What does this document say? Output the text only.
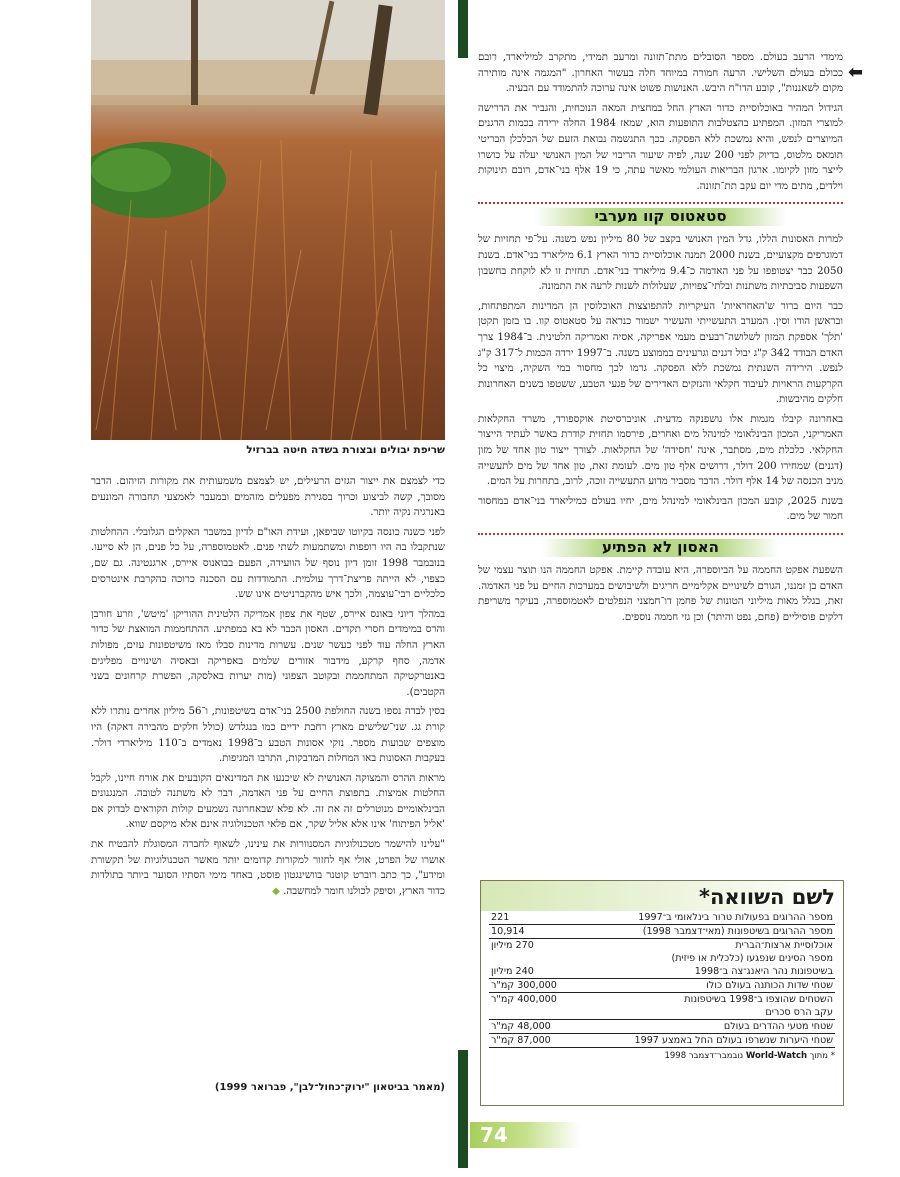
שריפת יבולים ובצורת בשדה חיטה בברזיל

כדי לצמצם את ייצור הגזים הרעילים, יש לצמצם משמעותית את מקורות הזיהום. הדבר מסובך, קשה לביצוע וכרוך בסגירת מפעלים מזהמים ובמעבר לאמצעי תחבורה המונעים באנרגיה נקיה יותר.

לפני כשנה כונסה בקיוטו שביפאן, ועידת האו"ם לדיון במשבר האקלים הגלובלי. ההחלטות שנתקבלו בה היו רופפות ומשתמעות לשתי פנים. לאטמוספרה, על כל פנים, הן לא סייעו. בנובמבר 1998 זומן דיון נוסף של הוועידה, הפעם בבואנוס איירס, ארגנטינה. גם שם, כצפוי, לא הייתה פריצת־דרך עולמית. התמודדות עם הסכנה כרוכה בהקרבת אינטרסים כלכליים רבי־עוצמה, ולכך איש מהקברניטים אינו שש.

במהלך דיוני באונס איירס, שטף את צפון אמריקה הלטינית ההוריקן 'מיטש', וזרע חורבן והרס במימדים חסרי תקדים. האסון הכבד לא בא במפתיע. ההתחממות המואצת של כדור הארץ החלה עוד לפני כעשר שנים. עשרות מדינות סבלו מאז משיטפונות עזים, מפולות אדמה, סחף קרקע, מידבור אזורים שלמים באפריקה ובאסיה ושינויים מפליגים באנטרקטיקה המתחממת ובקוטב הצפוני (מות יערות באלסקה, הפשרת קרחונים בשני הקטבים).

בסין לבדה נספו בשנה החולפת 2500 בני־אדם בשיטפונות, ו־56 מיליון אחרים נותרו ללא קורת גג. שני־שלישים מארץ רחבת ידיים כמו בנגלדש (כולל חלקים מהבירה דאקה) היו מוצפים שבועות מספר. נזקי אסונות הטבע ב־1998 נאמדים ב־110 מיליארדי דולר. בעקבות האסונות באו המחלות המדבקות, התרבו המגיפות.

מראות ההרס והמצוקה האנושית לא שיכנעו את המדינאים הקובעים את אורח חיינו, לקבל החלטות אמיצות. בתפוצת החיים על פני האדמה, דבר לא משתנה לטובה. המנגנונים הבינלאומיים מנוטרלים זה את זה. לא פלא שבאחרונה נשמעים קולות הקוראים לבדוק אם 'אליל הפיתוח' אינו אלא אליל שקר, אם פלאי הטכנולוגיה אינם אלא מיקסם שווא.

"עלינו להישמר מטכנולוגיות המסנוורות את עינינו, לשאוף לחברה המסוגלת להבטיח את אושרו של הפרט, אולי אף לחזור למקורות קדומים יותר מאשר הטכנולוגיות של תקשורת ומידע", כך כתב רוברט קוטנר בוושינגטון פוסט, באחד מימי הסתיו הסוער ביותר בתולדות כדור הארץ, וסיפק לכולנו חומר למחשבה. ◆

(מאמר בביטאון "ירוק־כחול־לבן", פברואר 1999)
⬅

מימדי הרעב בעולם. מספר הסובלים מתת־תזונה ומרעב תמידי, מתקרב למיליארד, רובם ככולם בעולם השלישי. הרעה חמורה במיוחד חלה בעשור האחרון. "המגמה אינה מותירה מקום לשאננות", קובע הדו"ח היבש. האנושות פשוט אינה ערוכה להתמודד עם הבעיה.

הגידול המהיר באוכלוסיית כדור הארץ החל במחצית המאה הנוכחית, והגביר את הדרישה למוצרי המזון. המפתיע בהצטלבות התופעות הוא, שמאז 1984 החלה ירידה בכמות הדגנים המיוצרים לנפש, והיא נמשכת ללא הפסקה. בכך התגשמה נבואת הזעם של הכלכלן הבריטי תומאס מלטוס, בדיוק לפני 200 שנה, לפיה שיעור הריבוי של המין האנושי יעלה על כושרו לייצר מזון לקיומו. ארגון הבריאות העולמי מאשר עתה, כי 19 אלף בני־אדם, רובם תינוקות וילדים, מתים מדי יום עקב תת־תזונה.

סטאטוס קוו מערבי

למרות האסונות הללו, גדל המין האנושי בקצב של 80 מיליון נפש בשנה. על־פי תחזיות של דמוגרפים מקצועיים, בשנת 2000 תמנה אוכלוסיית כדור הארץ 6.1 מיליארד בני־אדם. בשנת 2050 כבר יצטופפו על פני האדמה כ־9.4 מיליארד בני־אדם. תחזית זו לא לוקחת בחשבון השפעות סביבתיות משתנות ובלתי־צפויות, שעלולות לשנות לרעה את התמונה.

כבר היום ברור ש'האחראיות' העיקריות להתפוצצות האוכלוסין הן המדינות המתפתחות, ובראשן הודו וסין. המערב התעשייתי והעשיר ישמור כנראה על סטאטוס קוו. בו בזמן תקטן 'תלך' אספקת המזון לשלושה־רבעים מעמי אפריקה, אסיה ואמריקה הלטינית. ב־1984 צרך האדם הבודד 342 ק"ג יבול דגנים וגרעינים בממוצע בשנה. ב־1997 ירדה הכמות ל־317 ק"ג לנפש. הירידה השנתית נמשכת ללא הפסקה. גרמו לכך מחסור במי השקיה, מיצוי כל הקרקעות הראויות לעיבוד חקלאי והנזקים האדירים של פגעי הטבע, ששטפו בשנים האחרונות חלקים מהיבשות.

באחרונה קיבלו מגמות אלו גושפנקה מדעית. אוניברסיטת אוקספורד, משרד החקלאות האמריקני, המכון הבינלאומי למינהל מים ואחרים, פירסמו תחזית קודרת באשר לעתיד הייצור החקלאי. כלכלת מים, מסתבר, אינה 'חסידה' של החקלאות. לצורך ייצור טון אחד של מזון (דגנים) שמחירו 200 דולר, דרושים אלף טון מים. לעומת זאת, טון אחד של מים לתעשייה מניב הכנסה של 14 אלף דולר. הדבר מסביר מדוע התעשייה זוכה, לרוב, בתחרות על המים.

בשנת 2025, קובע המכון הבינלאומי למינהל מים, יחיו בעולם כמיליארד בני־אדם במחסור חמור של מים.

האסון לא הפתיע

השפעת אפקט החממה על הביוספרה, היא עובדה קיימת. אפקט החממה הנו תוצר עצמי של האדם בן זמננו, הגורם לשינויים אקלימיים חריגים ולשיבושים במערכות החיים על פני האדמה. זאת, בגלל מאות מיליוני הטונות של פחמן דו־חמצני הנפלטים לאטמוספרה, בעיקר משריפת דלקים פוסיליים (פחם, נפט והיתר) וכן גזי חממה נוספים.

לשם השוואה*
מספר ההרוגים בפעולות טרור בינלאומי ב־1997	221
מספר ההרוגים בשיטפונות (מאי־דצמבר 1998)	10,914
אוכלוסיית ארצות־הברית	270 מיליון
מספר הסינים שנפגעו (כלכלית או פיזית)	
בשיטפונות נהר היאנג־צה ב־1998	240 מיליון
שטחי שדות הכותנה בעולם כולו	300,000 קמ"ר
השטחים שהוצפו ב־1998 בשיטפונות	400,000 קמ"ר
עקב הרס סכרים	
שטחי מטעי ההדרים בעולם	48,000 קמ"ר
שטחי היערות שנשרפו בעולם החל באמצע 1997	87,000 קמ"ר
* מתוך World-Watch נובמבר־דצמבר 1998
74
